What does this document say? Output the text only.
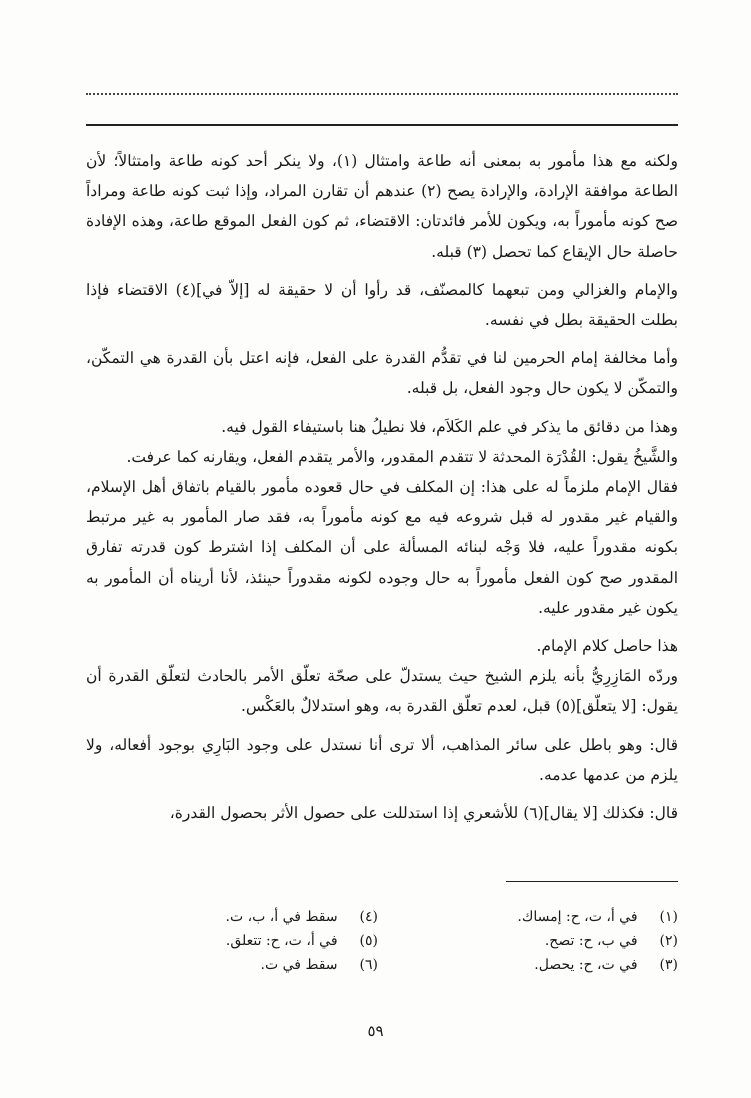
ولكنه مع هذا مأمور به بمعنى أنه طاعة وامتثال (١)، ولا ينكر أحد كونه طاعة وامتثالاً؛ لأن الطاعة موافقة الإرادة، والإرادة يصح (٢) عندهم أن تقارن المراد، وإذا ثبت كونه طاعة ومراداً صح كونه مأموراً به، ويكون للأمر فائدتان: الاقتضاء، ثم كون الفعل الموقع طاعة، وهذه الإفادة حاصلة حال الإيقاع كما تحصل (٣) قبله.

والإمام والغزالي ومن تبعهما كالمصنّف، قد رأوا أن لا حقيقة له [إلاّ في](٤) الاقتضاء فإذا بطلت الحقيقة بطل في نفسه.

وأما مخالفة إمام الحرمين لنا في تقدُّم القدرة على الفعل، فإنه اعتل بأن القدرة هي التمكّن، والتمكّن لا يكون حال وجود الفعل، بل قبله.

وهذا من دقائق ما يذكر في علم الكَلاَم، فلا نطيلُ هنا باستيفاء القول فيه.

والشَّيخُ يقول: القُدْرَة المحدثة لا تتقدم المقدور، والأمر يتقدم الفعل، ويقارنه كما عرفت.

فقال الإمام ملزماً له على هذا: إن المكلف في حال قعوده مأمور بالقيام باتفاق أهل الإسلام، والقيام غير مقدور له قبل شروعه فيه مع كونه مأموراً به، فقد صار المأمور به غير مرتبط بكونه مقدوراً عليه، فلا وَجْه لبنائه المسألة على أن المكلف إذا اشترط كون قدرته تفارق المقدور صح كون الفعل مأموراً به حال وجوده لكونه مقدوراً حينئذ، لأنا أريناه أن المأمور به يكون غير مقدور عليه.

هذا حاصل كلام الإمام.

وردّه المَازِرِيُّ بأنه يلزم الشيخ حيث يستدلّ على صحّة تعلّق الأمر بالحادث لتعلّق القدرة أن يقول: [لا يتعلّق](٥) قبل، لعدم تعلّق القدرة به، وهو استدلالٌ بالعَكْس.

قال: وهو باطل على سائر المذاهب، ألا ترى أنا نستدل على وجود البَارِي بوجود أفعاله، ولا يلزم من عدمها عدمه.

قال: فكذلك [لا يقال](٦) للأشعري إذا استدللت على حصول الأثر بحصول القدرة،

(١) في أ، ت، ح: إمساك.
(٢) في ب، ح: تصح.
(٣) في ت، ح: يحصل.
(٤) سقط في أ، ب، ت.
(٥) في أ، ت، ح: تتعلق.
(٦) سقط في ت.
٥٩
